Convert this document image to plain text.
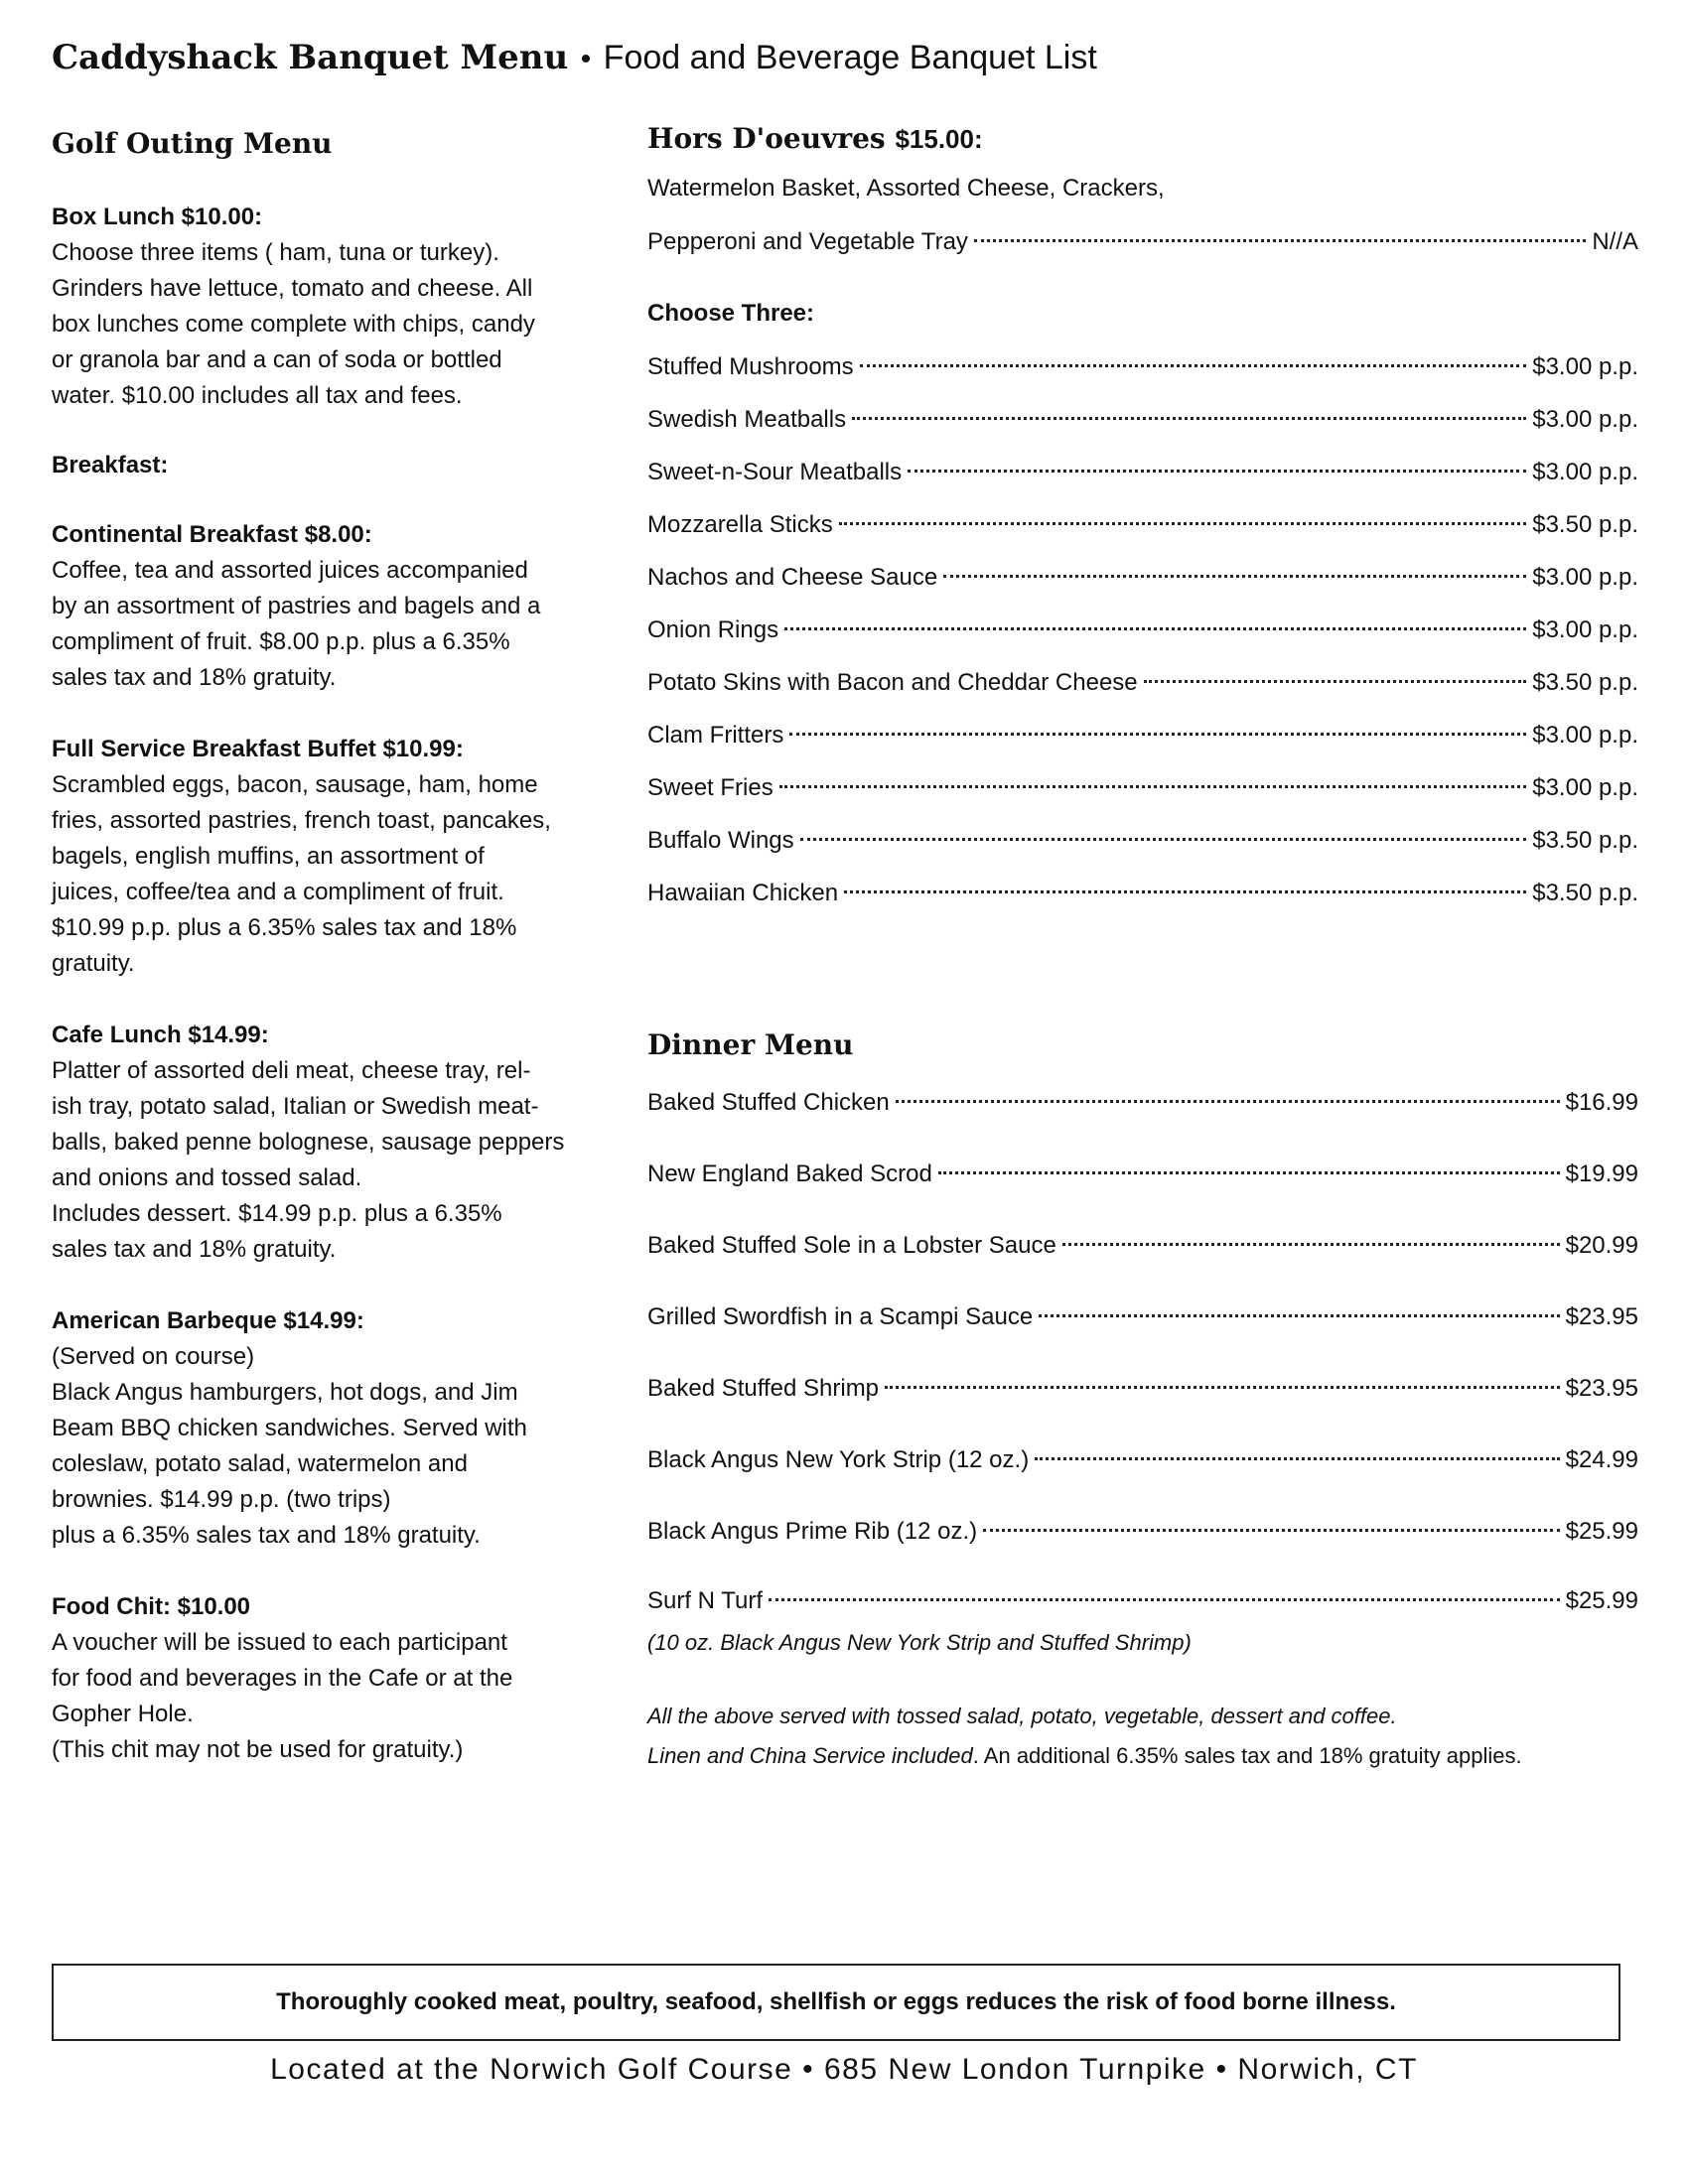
Caddyshack Banquet Menu • Food and Beverage Banquet List
Golf Outing Menu

Box Lunch $10.00:

Choose three items ( ham, tuna or turkey).
Grinders have lettuce, tomato and cheese. All
box lunches come complete with chips, candy
or granola bar and a can of soda or bottled
water. $10.00 includes all tax and fees.

Breakfast:

Continental Breakfast $8.00:

Coffee, tea and assorted juices accompanied
by an assortment of pastries and bagels and a
compliment of fruit. $8.00 p.p. plus a 6.35%
sales tax and 18% gratuity.

Full Service Breakfast Buffet $10.99:

Scrambled eggs, bacon, sausage, ham, home
fries, assorted pastries, french toast, pancakes,
bagels, english muffins, an assortment of
juices, coffee/tea and a compliment of fruit.
$10.99 p.p. plus a 6.35% sales tax and 18%
gratuity.

Cafe Lunch $14.99:

Platter of assorted deli meat, cheese tray, rel-
ish tray, potato salad, Italian or Swedish meat-
balls, baked penne bolognese, sausage peppers
and onions and tossed salad.
Includes dessert. $14.99 p.p. plus a 6.35%
sales tax and 18% gratuity.

American Barbeque $14.99:

(Served on course)
Black Angus hamburgers, hot dogs, and Jim
Beam BBQ chicken sandwiches. Served with
coleslaw, potato salad, watermelon and
brownies. $14.99 p.p. (two trips)
plus a 6.35% sales tax and 18% gratuity.

Food Chit: $10.00

A voucher will be issued to each participant
for food and beverages in the Cafe or at the
Gopher Hole.
(This chit may not be used for gratuity.)
Hors D'oeuvres $15.00:

Watermelon Basket, Assorted Cheese, Crackers,

Pepperoni and Vegetable Tray	N//A

Choose Three:

Stuffed Mushrooms	$3.00 p.p.
Swedish Meatballs	$3.00 p.p.
Sweet-n-Sour Meatballs	$3.00 p.p.
Mozzarella Sticks	$3.50 p.p.
Nachos and Cheese Sauce	$3.00 p.p.
Onion Rings	$3.00 p.p.
Potato Skins with Bacon and Cheddar Cheese	$3.50 p.p.
Clam Fritters	$3.00 p.p.
Sweet Fries	$3.00 p.p.
Buffalo Wings	$3.50 p.p.
Hawaiian Chicken	$3.50 p.p.
Dinner Menu
Baked Stuffed Chicken	$16.99
New England Baked Scrod	$19.99
Baked Stuffed Sole in a Lobster Sauce	$20.99
Grilled Swordfish in a Scampi Sauce	$23.95
Baked Stuffed Shrimp	$23.95
Black Angus New York Strip (12 oz.)	$24.99
Black Angus Prime Rib (12 oz.)	$25.99
Surf N Turf	$25.99

(10 oz. Black Angus New York Strip and Stuffed Shrimp)

All the above served with tossed salad, potato, vegetable, dessert and coffee.

Linen and China Service included. An additional 6.35% sales tax and 18% gratuity applies.

Thoroughly cooked meat, poultry, seafood, shellfish or eggs reduces the risk of food borne illness.
Located at the Norwich Golf Course • 685 New London Turnpike • Norwich, CT
